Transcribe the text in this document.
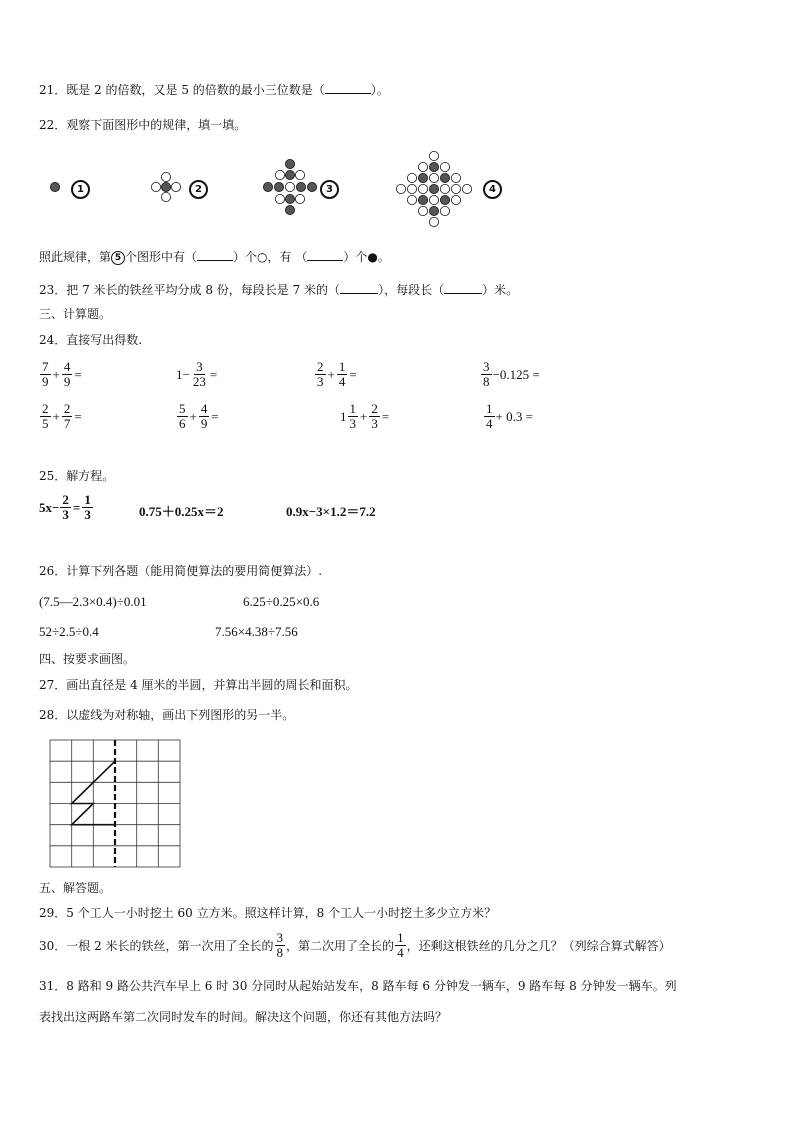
21．既是 2 的倍数，又是 5 的倍数的最小三位数是（	）。
22．观察下面图形中的规律，填一填。
1	2	3	4
照此规律，第 5 个图形中有（	）个○，有 （	）个●。
23．把 7 米长的铁丝平均分成 8 份，每段长是 7 米的（	），每段长（	）米。
三、计算题。
24．直接写出得数.
$\frac{7}{9} + \frac{4}{9}$ =	$1- \frac{3}{23}$ =	$\frac{2}{3} + \frac{1}{4}$ =	$\frac{3}{8} -0.125$ =
$\frac{2}{5} + \frac{2}{7}$ =	$\frac{5}{6} + \frac{4}{9}$ =	$1 \frac{1}{3} + \frac{2}{3}$ =	$\frac{1}{4} + 0.3$ =
25．解方程。
$5x- \frac{2}{3} = \frac{1}{3}$	0.75＋0.25x＝2	0.9x−3×1.2＝7.2
26．计算下列各题（能用简便算法的要用简便算法）.
(7.5—2.3×0.4)÷0.01	6.25÷0.25×0.6
52÷2.5÷0.4	7.56×4.38÷7.56
四、按要求画图。
27．画出直径是 4 厘米的半圆，并算出半圆的周长和面积。
28．以虚线为对称轴，画出下列图形的另一半。
五、解答题。
29．5 个工人一小时挖土 60 立方米。照这样计算，8 个工人一小时挖土多少立方米？
30．一根 2 米长的铁丝，第一次用了全长的 $\frac{3}{8}$ ，第二次用了全长的 $\frac{1}{4}$ ，还剩这根铁丝的几分之几？（列综合算式解答）
31．8 路和 9 路公共汽车早上 6 时 30 分同时从起始站发车，8 路车每 6 分钟发一辆车，9 路车每 8 分钟发一辆车。列
表找出这两路车第二次同时发车的时间。解决这个问题，你还有其他方法吗？
